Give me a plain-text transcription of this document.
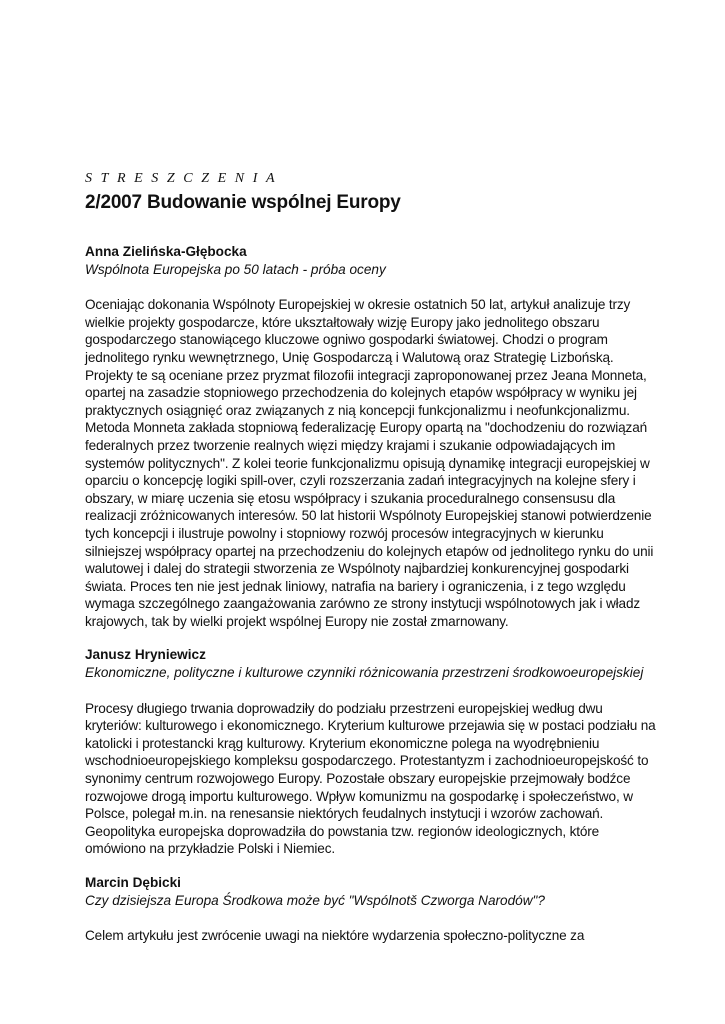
STRESZCZENIA
2/2007 Budowanie wspólnej Europy

Anna Zielińska-Głębocka

Wspólnota Europejska po 50 latach - próba oceny

Oceniając dokonania Wspólnoty Europejskiej w okresie ostatnich 50 lat, artykuł analizuje trzy wielkie projekty gospodarcze, które ukształtowały wizję Europy jako jednolitego obszaru gospodarczego stanowiącego kluczowe ogniwo gospodarki światowej. Chodzi o program jednolitego rynku wewnętrznego, Unię Gospodarczą i Walutową oraz Strategię Lizbońską. Projekty te są oceniane przez pryzmat filozofii integracji zaproponowanej przez Jeana Monneta, opartej na zasadzie stopniowego przechodzenia do kolejnych etapów współpracy w wyniku jej praktycznych osiągnięć oraz związanych z nią koncepcji funkcjonalizmu i neofunkcjonalizmu. Metoda Monneta zakłada stopniową federalizację Europy opartą na "dochodzeniu do rozwiązań federalnych przez tworzenie realnych więzi między krajami i szukanie odpowiadających im systemów politycznych". Z kolei teorie funkcjonalizmu opisują dynamikę integracji europejskiej w oparciu o koncepcję logiki spill-over, czyli rozszerzania zadań integracyjnych na kolejne sfery i obszary, w miarę uczenia się etosu współpracy i szukania proceduralnego consensusu dla realizacji zróżnicowanych interesów. 50 lat historii Wspólnoty Europejskiej stanowi potwierdzenie tych koncepcji i ilustruje powolny i stopniowy rozwój procesów integracyjnych w kierunku silniejszej współpracy opartej na przechodzeniu do kolejnych etapów od jednolitego rynku do unii walutowej i dalej do strategii stworzenia ze Wspólnoty najbardziej konkurencyjnej gospodarki świata. Proces ten nie jest jednak liniowy, natrafia na bariery i ograniczenia, i z tego względu wymaga szczególnego zaangażowania zarówno ze strony instytucji wspólnotowych jak i władz krajowych, tak by wielki projekt wspólnej Europy nie został zmarnowany.

Janusz Hryniewicz

Ekonomiczne, polityczne i kulturowe czynniki różnicowania przestrzeni środkowoeuropejskiej

Procesy długiego trwania doprowadziły do podziału przestrzeni europejskiej według dwu kryteriów: kulturowego i ekonomicznego. Kryterium kulturowe przejawia się w postaci podziału na katolicki i protestancki krąg kulturowy. Kryterium ekonomiczne polega na wyodrębnieniu wschodnioeuropejskiego kompleksu gospodarczego. Protestantyzm i zachodnioeuropejskość to synonimy centrum rozwojowego Europy. Pozostałe obszary europejskie przejmowały bodźce rozwojowe drogą importu kulturowego. Wpływ komunizmu na gospodarkę i społeczeństwo, w Polsce, polegał m.in. na renesansie niektórych feudalnych instytucji i wzorów zachowań. Geopolityka europejska doprowadziła do powstania tzw. regionów ideologicznych, które omówiono na przykładzie Polski i Niemiec.

Marcin Dębicki

Czy dzisiejsza Europa Środkowa może być "Wspólnotš Czworga Narodów"?

Celem artykułu jest zwrócenie uwagi na niektóre wydarzenia społeczno-polityczne za
